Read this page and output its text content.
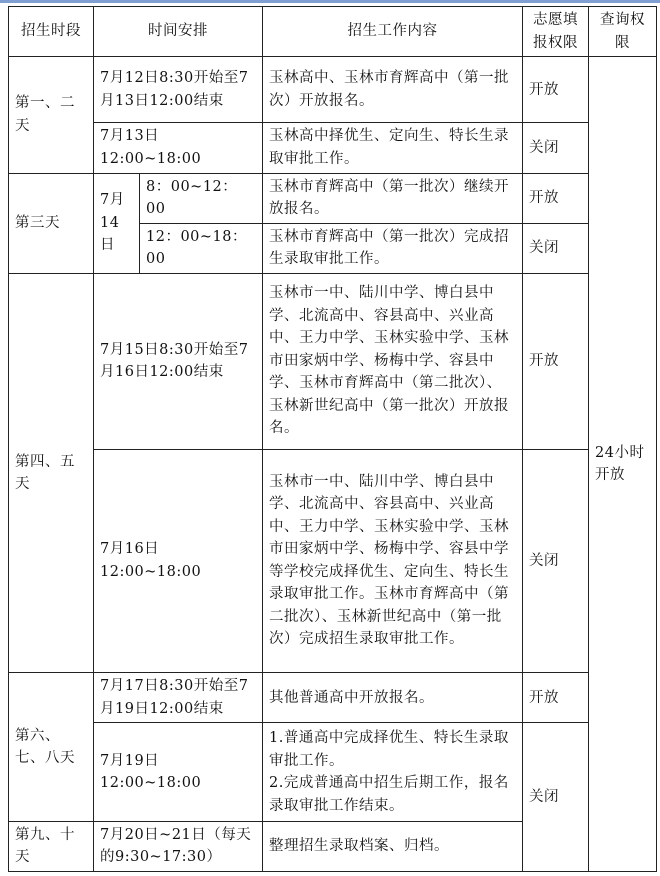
招生时段	时间安排		招生工作内容	志愿填报权限	查询权限
第一、二天	7月12日8:30开始至7月13日12:00结束		玉林高中、玉林市育辉高中（第一批次）开放报名。	开放	24小时开放
	7月13日12:00~18:00		玉林高中择优生、定向生、特长生录取审批工作。	关闭	
第三天	7月14日	8：00~12：00	玉林市育辉高中（第一批次）继续开放报名。	开放	
		12：00~18：00	玉林市育辉高中（第一批次）完成招生录取审批工作。	关闭	
第四、五天	7月15日8:30开始至7月16日12:00结束		玉林市一中、陆川中学、博白县中学、北流高中、容县高中、兴业高中、王力中学、玉林实验中学、玉林市田家炳中学、杨梅中学、容县中学、玉林市育辉高中（第二批次）、玉林新世纪高中（第一批次）开放报名。	开放	
	7月16日12:00~18:00		玉林市一中、陆川中学、博白县中学、北流高中、容县高中、兴业高中、王力中学、玉林实验中学、玉林市田家炳中学、杨梅中学、容县中学等学校完成择优生、定向生、特长生录取审批工作。玉林市育辉高中（第二批次）、玉林新世纪高中（第一批次）完成招生录取审批工作。	关闭	
第六、七、八天	7月17日8:30开始至7月19日12:00结束		其他普通高中开放报名。	开放	
	7月19日12:00~18:00		1.普通高中完成择优生、特长生录取审批工作。
2.完成普通高中招生后期工作，报名录取审批工作结束。	关闭	
第九、十天	7月20日~21日（每天的9:30~17:30）		整理招生录取档案、归档。		
